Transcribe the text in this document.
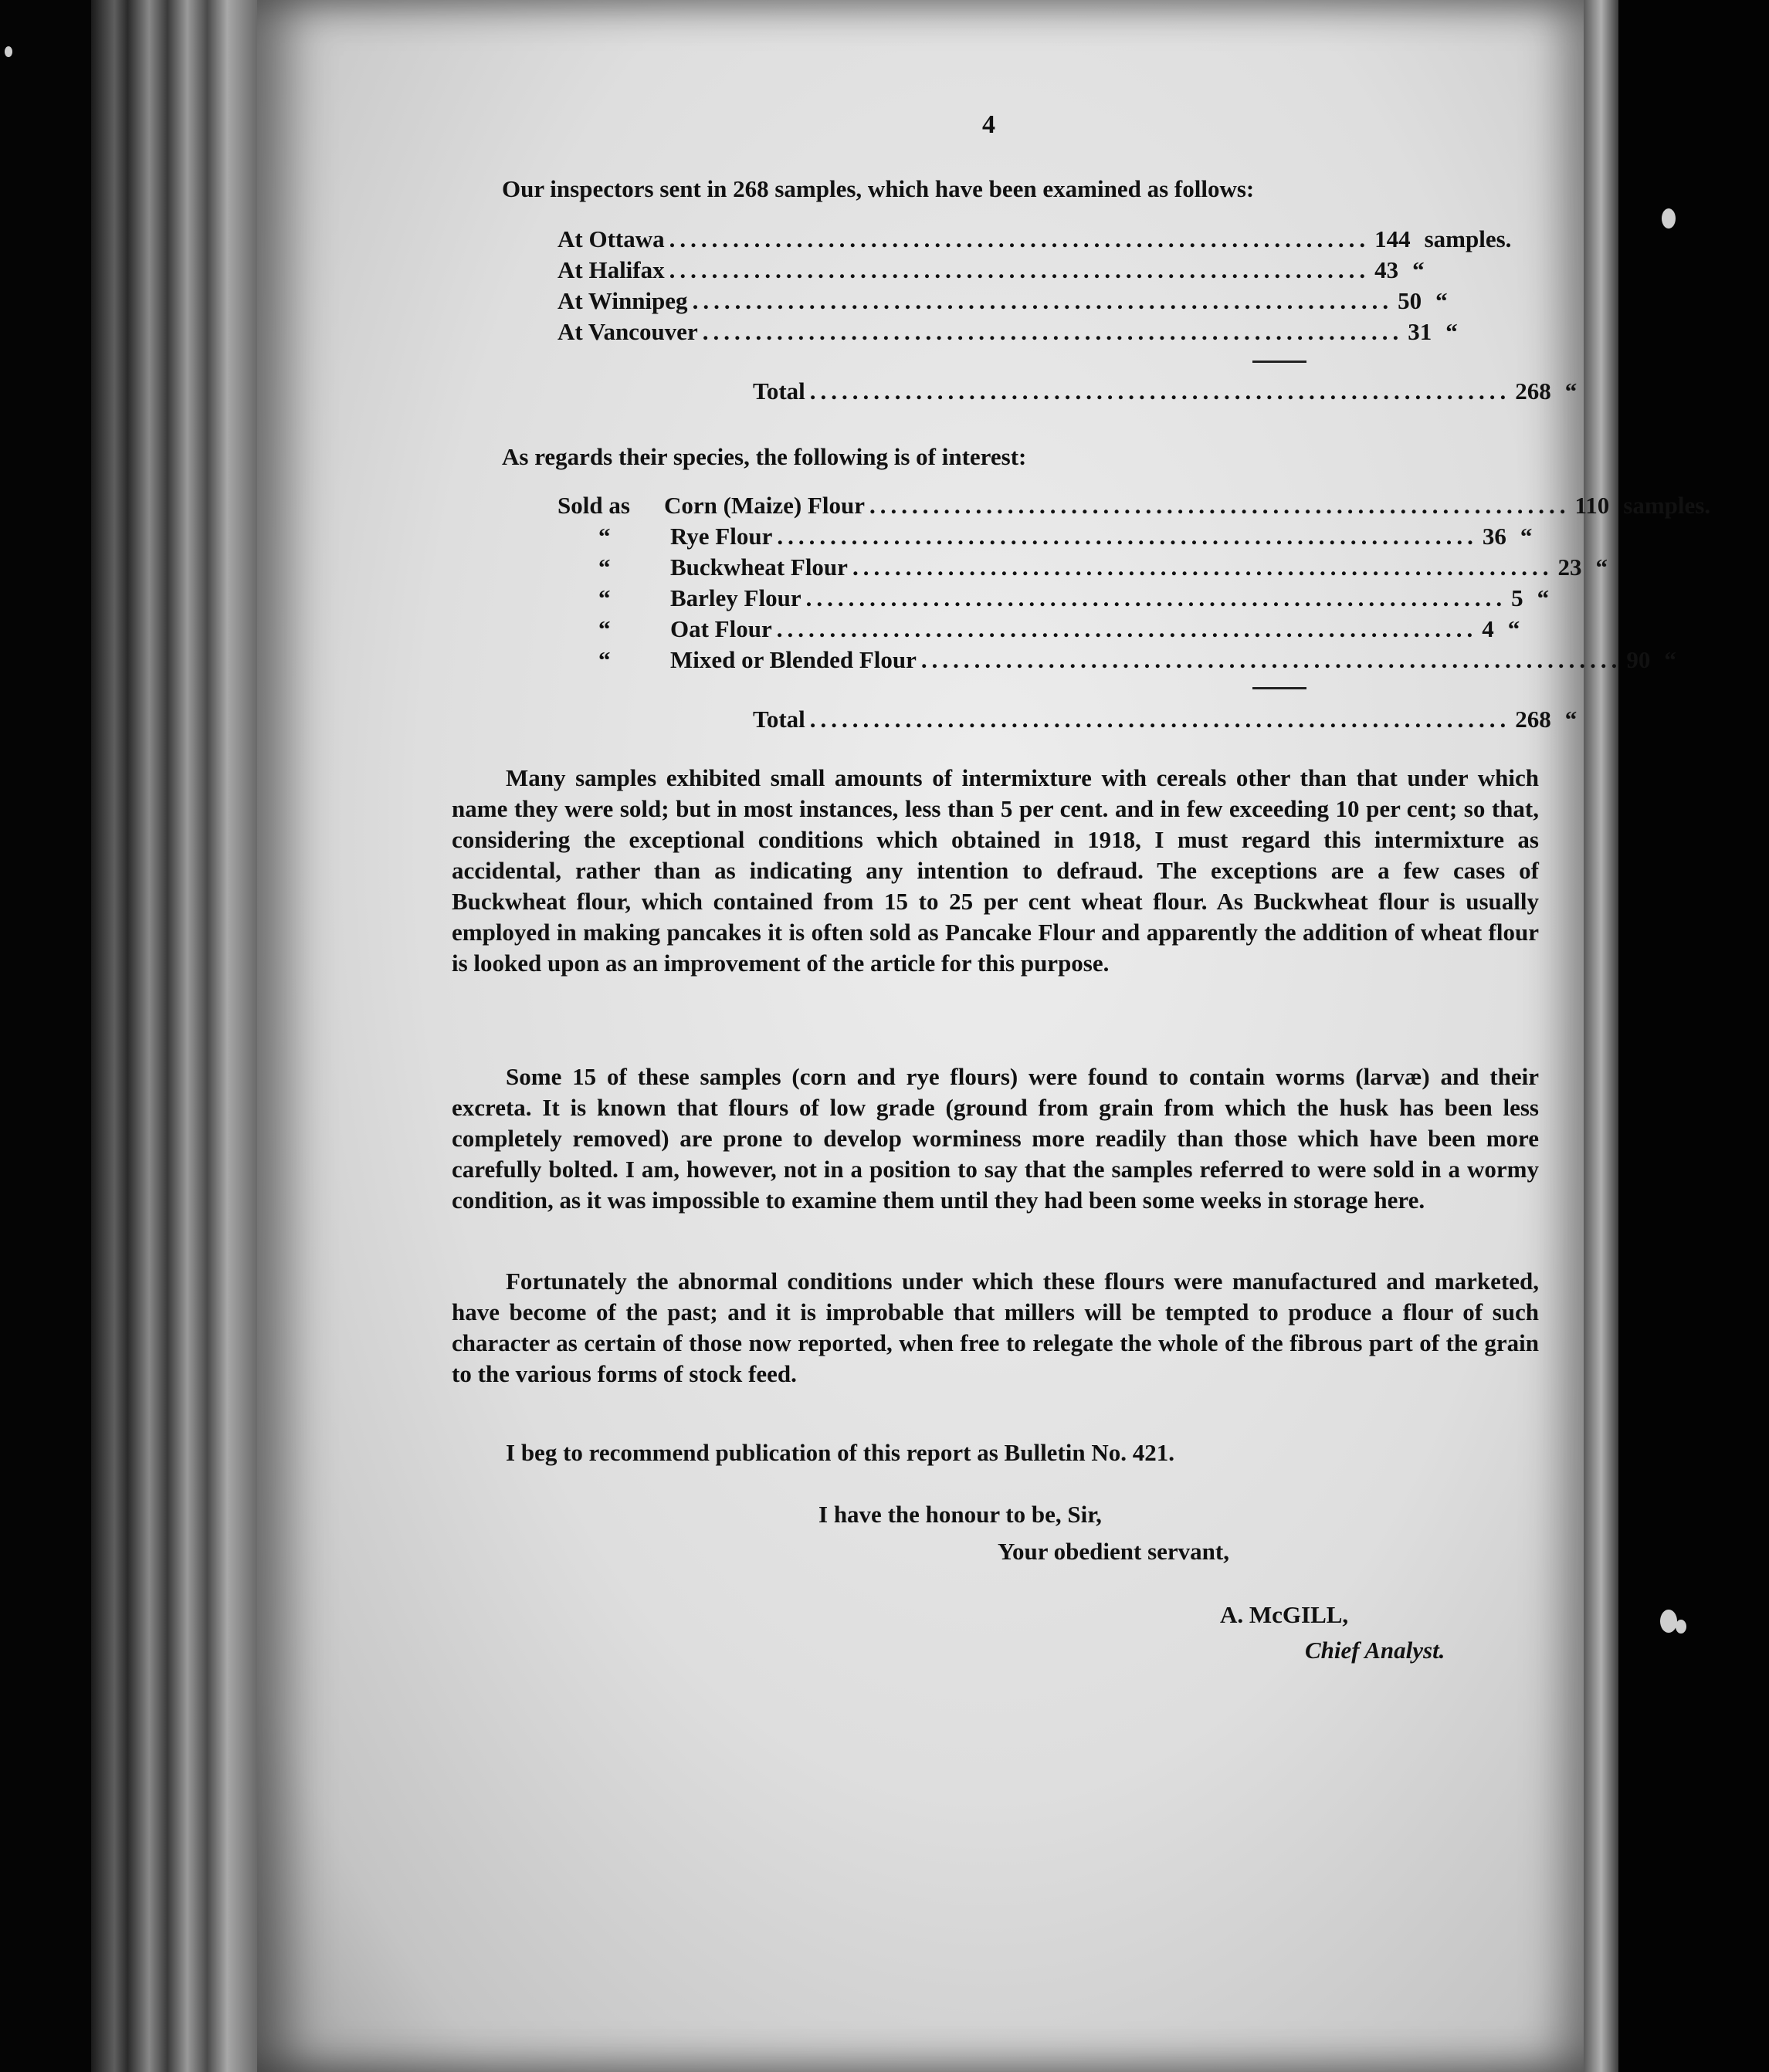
4
Our inspectors sent in 268 samples, which have been examined as follows:
At Ottawa .................................................................. 144 samples.
At Halifax .................................................................. 43 “
At Winnipeg .................................................................. 50 “
At Vancouver .................................................................. 31 “
Total .................................................................. 268 “
As regards their species, the following is of interest:
Sold as Corn (Maize) Flour .................................................................. 110 samples.
“	Rye Flour .................................................................. 36 “
“	Buckwheat Flour .................................................................. 23 “
“	Barley Flour .................................................................. 5 “
“	Oat Flour .................................................................. 4 “
“	Mixed or Blended Flour .................................................................. 90 “
Total .................................................................. 268 “

Many samples exhibited small amounts of intermixture with cereals other than that under which name they were sold; but in most instances, less than 5 per cent. and in few exceeding 10 per cent; so that, considering the exceptional conditions which obtained in 1918, I must regard this intermixture as accidental, rather than as indicating any intention to defraud. The exceptions are a few cases of Buckwheat flour, which contained from 15 to 25 per cent wheat flour. As Buckwheat flour is usually employed in making pancakes it is often sold as Pancake Flour and apparently the addition of wheat flour is looked upon as an improvement of the article for this purpose.

Some 15 of these samples (corn and rye flours) were found to contain worms (larvæ) and their excreta. It is known that flours of low grade (ground from grain from which the husk has been less completely removed) are prone to develop worminess more readily than those which have been more carefully bolted. I am, however, not in a position to say that the samples referred to were sold in a wormy condition, as it was impossible to examine them until they had been some weeks in storage here.

Fortunately the abnormal conditions under which these flours were manufactured and marketed, have become of the past; and it is improbable that millers will be tempted to produce a flour of such character as certain of those now reported, when free to relegate the whole of the fibrous part of the grain to the various forms of stock feed.

I beg to recommend publication of this report as Bulletin No. 421.
I have the honour to be, Sir,
Your obedient servant,
A. McGILL,
Chief Analyst.
